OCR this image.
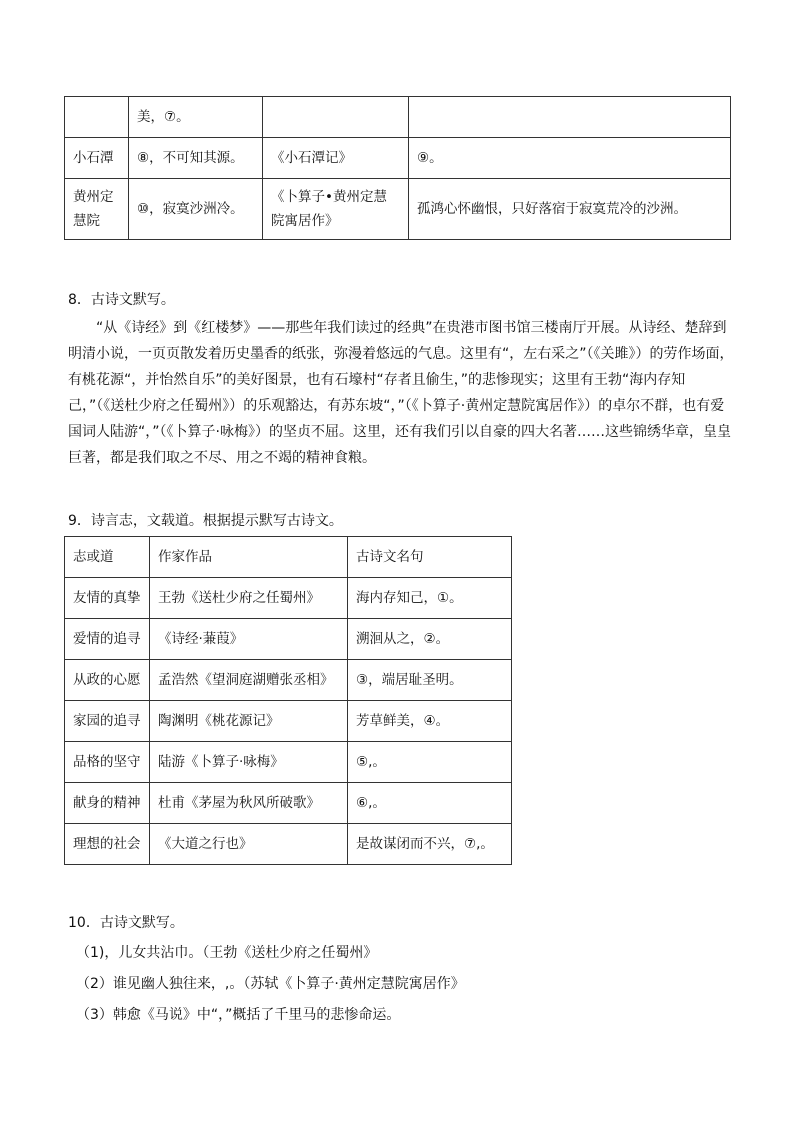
	美，⑦。		
小石潭	⑧，不可知其源。	《小石潭记》	⑨。
黄州定慧院	⑩，寂寞沙洲冷。	《卜算子•黄州定慧院寓居作》	孤鸿心怀幽恨，只好落宿于寂寞荒冷的沙洲。

8．古诗文默写。

“从《诗经》到《红楼梦》——那些年我们读过的经典”在贵港市图书馆三楼南厅开展。从诗经、楚辞到明清小说，一页页散发着历史墨香的纸张，弥漫着悠远的气息。这里有“，左右采之”（《关雎》）的劳作场面，有桃花源“，并怡然自乐”的美好图景，也有石壕村“存者且偷生，”的悲惨现实；这里有王勃“海内存知己，”（《送杜少府之任蜀州》）的乐观豁达，有苏东坡“，”（《卜算子·黄州定慧院寓居作》）的卓尔不群，也有爱国词人陆游“，”（《卜算子·咏梅》）的坚贞不屈。这里，还有我们引以自豪的四大名著……这些锦绣华章，皇皇巨著，都是我们取之不尽、用之不竭的精神食粮。

9．诗言志，文载道。根据提示默写古诗文。

志或道	作家作品	古诗文名句
友情的真挚	王勃《送杜少府之任蜀州》	海内存知己，①。
爱情的追寻	《诗经·蒹葭》	溯洄从之，②。
从政的心愿	孟浩然《望洞庭湖赠张丞相》	③，端居耻圣明。
家园的追寻	陶渊明《桃花源记》	芳草鲜美，④。
品格的坚守	陆游《卜算子·咏梅》	⑤,。
献身的精神	杜甫《茅屋为秋风所破歌》	⑥,。
理想的社会	《大道之行也》	是故谋闭而不兴，⑦,。

10．古诗文默写。

（1)，儿女共沾巾。（王勃《送杜少府之任蜀州》

（2）谁见幽人独往来，,。（苏轼《卜算子·黄州定慧院寓居作》

（3）韩愈《马说》中“，”概括了千里马的悲惨命运。
